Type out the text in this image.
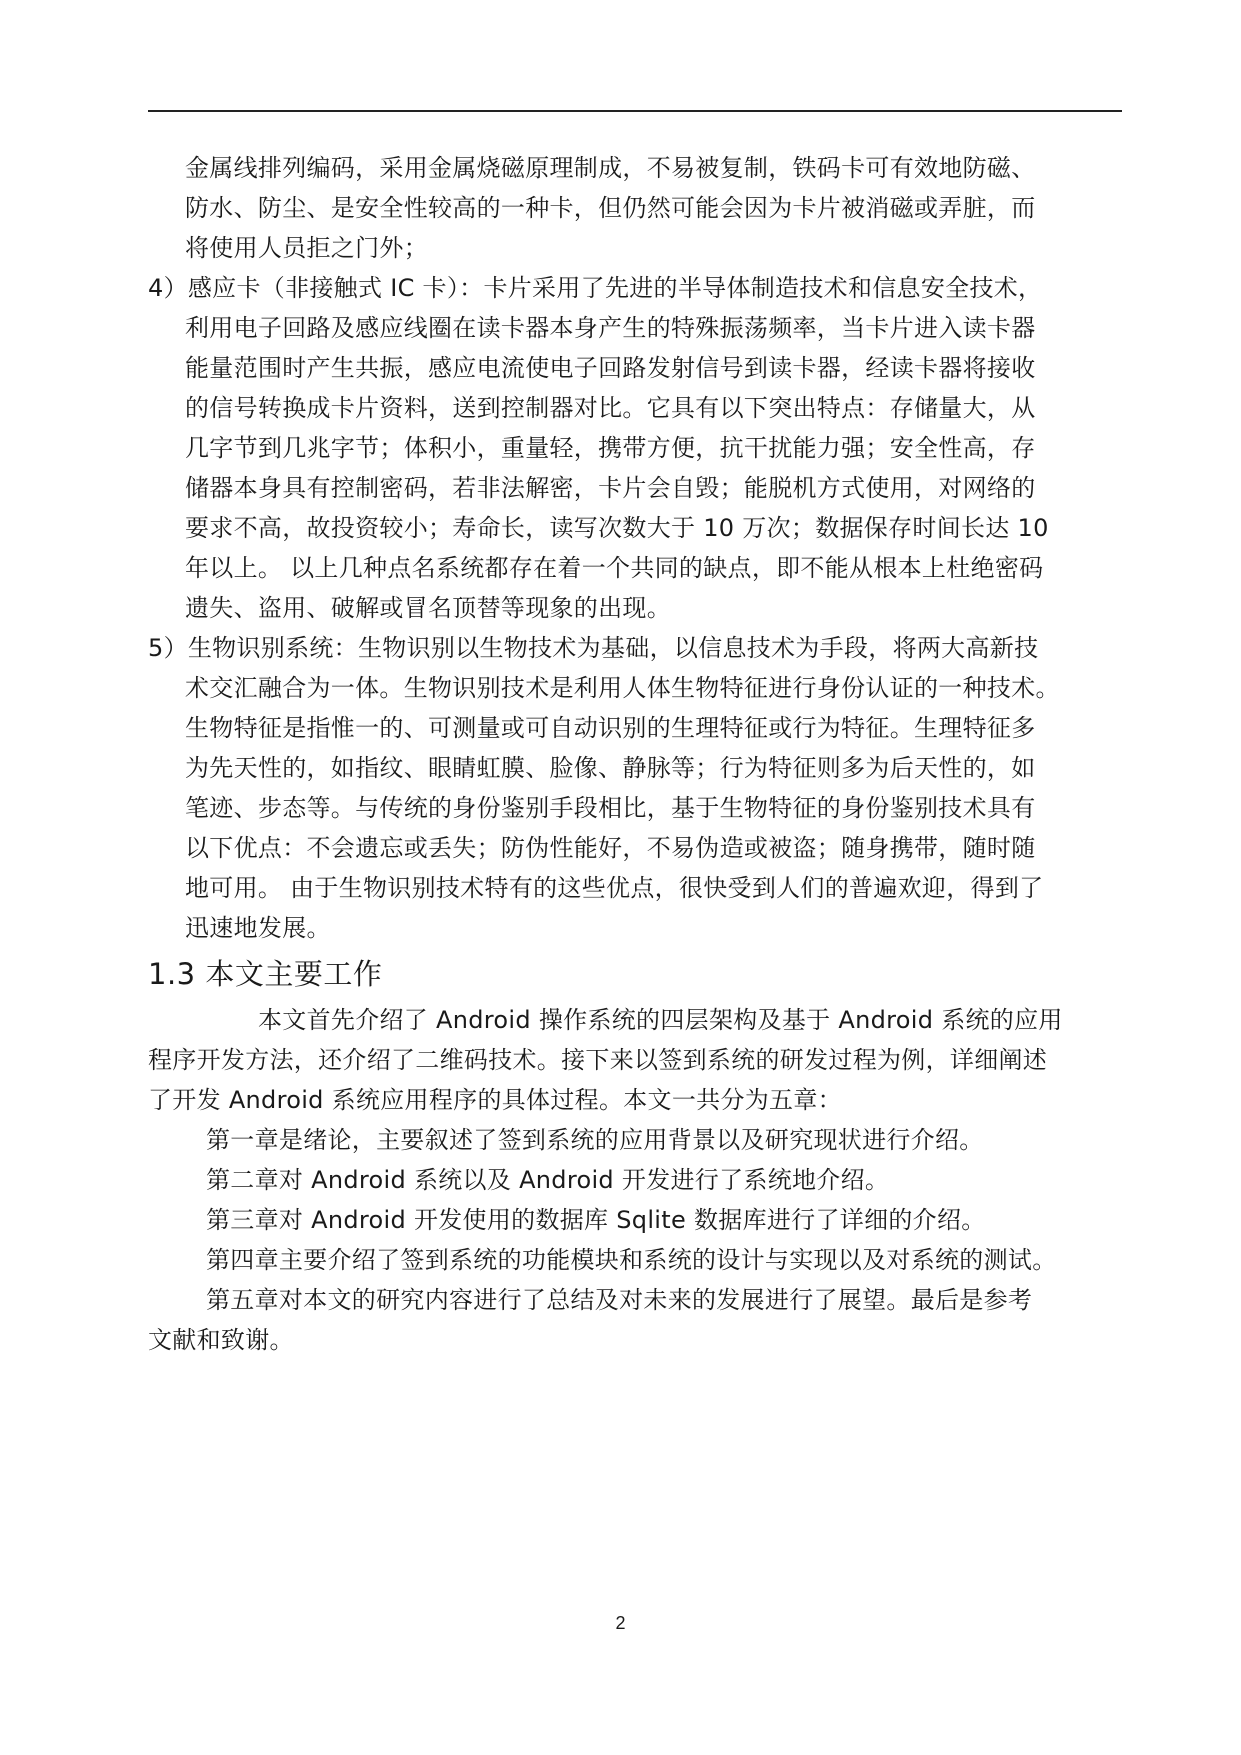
金属线排列编码，采用金属烧磁原理制成，不易被复制，铁码卡可有效地防磁、
防水、防尘、是安全性较高的一种卡，但仍然可能会因为卡片被消磁或弄脏，而
将使用人员拒之门外；
4）感应卡（非接触式 IC 卡）：卡片采用了先进的半导体制造技术和信息安全技术，
利用电子回路及感应线圈在读卡器本身产生的特殊振荡频率，当卡片进入读卡器
能量范围时产生共振，感应电流使电子回路发射信号到读卡器，经读卡器将接收
的信号转换成卡片资料，送到控制器对比。它具有以下突出特点：存储量大，从
几字节到几兆字节；体积小，重量轻，携带方便，抗干扰能力强；安全性高，存
储器本身具有控制密码，若非法解密，卡片会自毁；能脱机方式使用，对网络的
要求不高，故投资较小；寿命长，读写次数大于 10 万次；数据保存时间长达 10
年以上。 以上几种点名系统都存在着一个共同的缺点，即不能从根本上杜绝密码
遗失、盗用、破解或冒名顶替等现象的出现。
5）生物识别系统：生物识别以生物技术为基础，以信息技术为手段，将两大高新技
术交汇融合为一体。生物识别技术是利用人体生物特征进行身份认证的一种技术。
生物特征是指惟一的、可测量或可自动识别的生理特征或行为特征。生理特征多
为先天性的，如指纹、眼睛虹膜、脸像、静脉等；行为特征则多为后天性的，如
笔迹、步态等。与传统的身份鉴别手段相比，基于生物特征的身份鉴别技术具有
以下优点：不会遗忘或丢失；防伪性能好，不易伪造或被盗；随身携带，随时随
地可用。 由于生物识别技术特有的这些优点，很快受到人们的普遍欢迎，得到了
迅速地发展。
1.3 本文主要工作
本文首先介绍了 Android 操作系统的四层架构及基于 Android 系统的应用
程序开发方法，还介绍了二维码技术。接下来以签到系统的研发过程为例，详细阐述
了开发 Android 系统应用程序的具体过程。本文一共分为五章：
第一章是绪论，主要叙述了签到系统的应用背景以及研究现状进行介绍。
第二章对 Android 系统以及 Android 开发进行了系统地介绍。
第三章对 Android 开发使用的数据库 Sqlite 数据库进行了详细的介绍。
第四章主要介绍了签到系统的功能模块和系统的设计与实现以及对系统的测试。
第五章对本文的研究内容进行了总结及对未来的发展进行了展望。最后是参考
文献和致谢。
2
